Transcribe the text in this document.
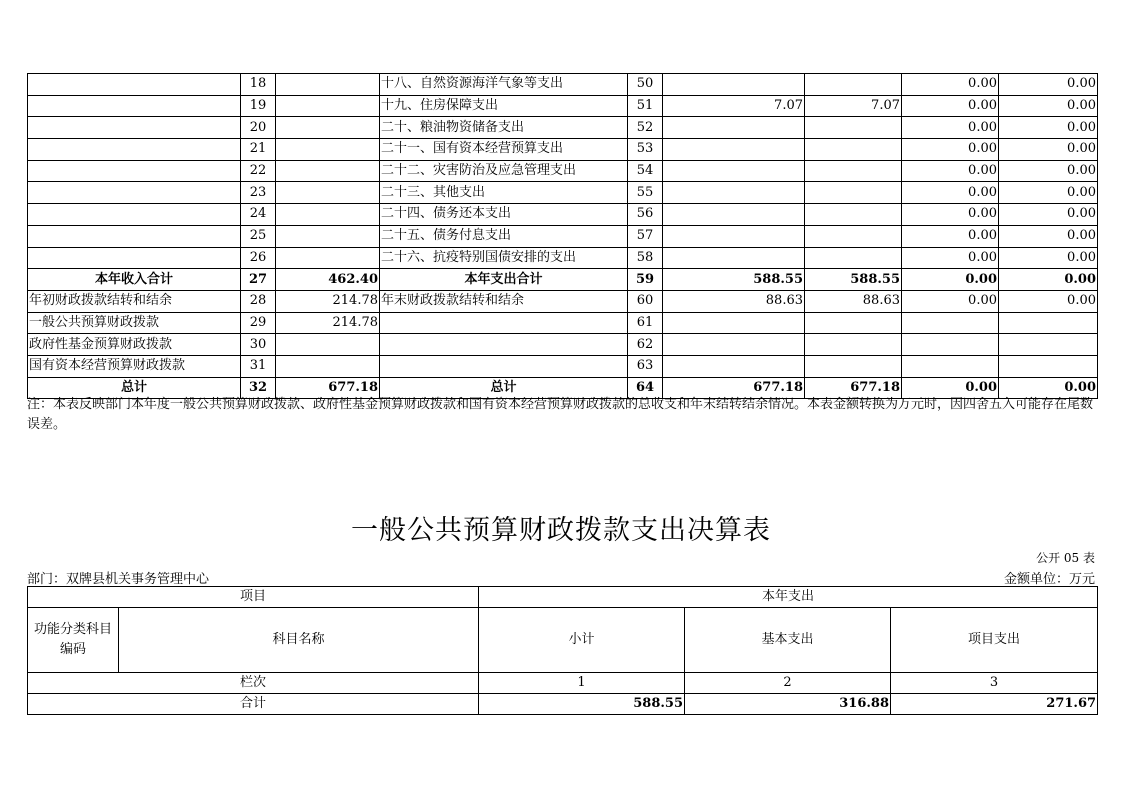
	18		十八、自然资源海洋气象等支出	50			0.00	0.00
	19		十九、住房保障支出	51	7.07	7.07	0.00	0.00
	20		二十、粮油物资储备支出	52			0.00	0.00
	21		二十一、国有资本经营预算支出	53			0.00	0.00
	22		二十二、灾害防治及应急管理支出	54			0.00	0.00
	23		二十三、其他支出	55			0.00	0.00
	24		二十四、债务还本支出	56			0.00	0.00
	25		二十五、债务付息支出	57			0.00	0.00
	26		二十六、抗疫特别国债安排的支出	58			0.00	0.00
本年收入合计	27	462.40	本年支出合计	59	588.55	588.55	0.00	0.00
年初财政拨款结转和结余	28	214.78	年末财政拨款结转和结余	60	88.63	88.63	0.00	0.00
一般公共预算财政拨款	29	214.78		61				
政府性基金预算财政拨款	30			62				
国有资本经营预算财政拨款	31			63				
总计	32	677.18	总计	64	677.18	677.18	0.00	0.00
注：本表反映部门本年度一般公共预算财政拨款、政府性基金预算财政拨款和国有资本经营预算财政拨款的总收支和年末结转结余情况。本表金额转换为万元时，因四舍五入可能存在尾数误差。
一般公共预算财政拨款支出决算表
公开 05 表
部门：双牌县机关事务管理中心	金额单位：万元
项目		本年支出		
功能分类科目编码	科目名称	小计	基本支出	项目支出
栏次		1	2	3
合计		588.55	316.88	271.67
